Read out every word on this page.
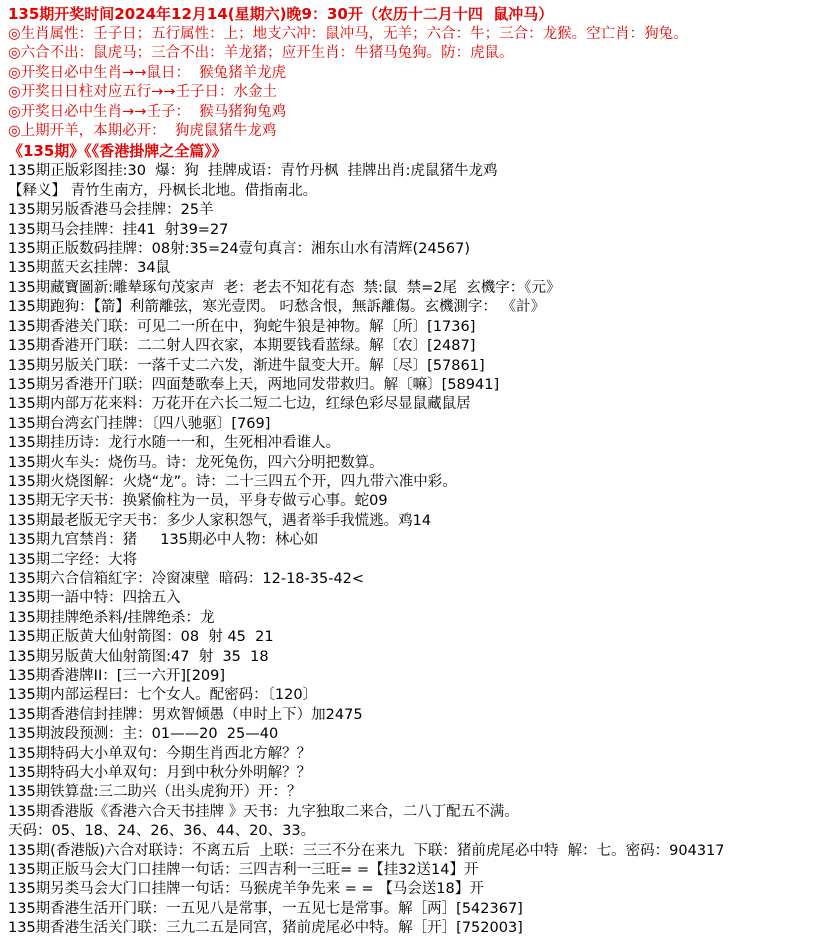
135期开奖时间2024年12月14(星期六)晚9：30开（农历十二月十四  鼠冲马）
◎生肖属性：壬子日；五行属性：上；地支六冲：鼠冲马，无羊；六合：牛；三合：龙猴。空亡肖：狗兔。
◎六合不出：鼠虎马；三合不出：羊龙猪；应开生肖：牛猪马兔狗。防：虎鼠。
◎开奖日必中生肖→→鼠日：  猴兔猪羊龙虎
◎开奖日日柱对应五行→→壬子日：水金土
◎开奖日必中生肖→→壬子：  猴马猪狗兔鸡
◎上期开羊，本期必开：  狗虎鼠猪牛龙鸡
《135期》《《香港掛牌之全篇》》
135期正版彩图挂:30  爆：狗  挂牌成语：青竹丹枫  挂牌出肖:虎鼠猪牛龙鸡
【释义】 青竹生南方，丹枫长北地。借指南北。
135期另版香港马会挂牌：25羊
135期马会挂牌：挂41  射39=27
135期正版数码挂牌：08射:35=24壹句真言：湘东山水有清辉(24567)
135期蓝天玄挂牌：34鼠
135期藏寶圖新:雕辇琢句茂家声  老：老去不知花有态  禁:鼠  禁=2尾  玄機字：《元》
135期跑狗：【箭】利箭離弦，寒光壹閃。 叼愁含恨，無訴離傷。玄機測字： 《計》
135期香港关门联：可见二一所在中，狗蛇牛狼是神物。解〔所〕[1736]
135期香港开门联：二二射人四衣家，本期要钱看蓝绿。解〔农〕[2487]
135期另版关门联：一落千丈二六发，渐进牛鼠变大开。解〔尽〕[57861]
135期另香港开门联：四面楚歌奉上天，两地同发带救归。解〔嘛〕[58941]
135期内部万花来料：万花开在六长二短二七边，红绿色彩尽显鼠藏鼠居
135期台湾玄门挂牌：〔四八驰驱〕[769]
135期挂历诗：龙行水随一一和，生死相冲看谁人。
135期火车头：烧伤马。诗：龙死兔伤，四六分明把数算。
135期火烧图解：火烧“龙”。诗：二十三四五个开，四九带六准中彩。
135期无字天书：换紧偷柱为一员，平身专做亏心事。蛇09
135期最老版无字天书：多少人家积怨气，遇者举手我慌逃。鸡14
135期九宫禁肖：猪     135期必中人物：林心如
135期二字经：大将
135期六合信箱紅字：冷窗凍壁  暗码：12-18-35-42<
135期一語中特：四捨五入
135期挂牌绝杀料/挂牌绝杀：龙
135期正版黄大仙射箭图：08  射 45  21
135期另版黄大仙射箭图:47  射  35  18
135期香港牌II：[三一六开][209]
135期内部运程曰：七个女人。配密码：〔120〕
135期香港信封挂牌：男欢智倾愚（申时上下）加2475
135期波段预测：主：01——20  25—40
135期特码大小单双句：今期生肖西北方解？？
135期特码大小单双句：月到中秋分外明解？？
135期铁算盘:三二助兴（出头虎狗开）开：？
135期香港版《香港六合天书挂牌 》天书：九字独取二来合，二八丁配五不满。
天码：05、18、24、26、36、44、20、33。
135期(香港版)六合对联诗：不离五后  上联：三三不分在来九  下联：猪前虎尾必中特  解：七。密码：904317
135期正版马会大门口挂牌一句话：三四吉利一三旺= =【挂32送14】开
135期另类马会大门口挂牌一句话：马猴虎羊争先来 = = 【马会送18】开
135期香港生活开门联：一五见八是常事，一五见七是常事。解［两］[542367]
135期香港生活关门联：三九二五是同宫，猪前虎尾必中特。解［开］[752003]
